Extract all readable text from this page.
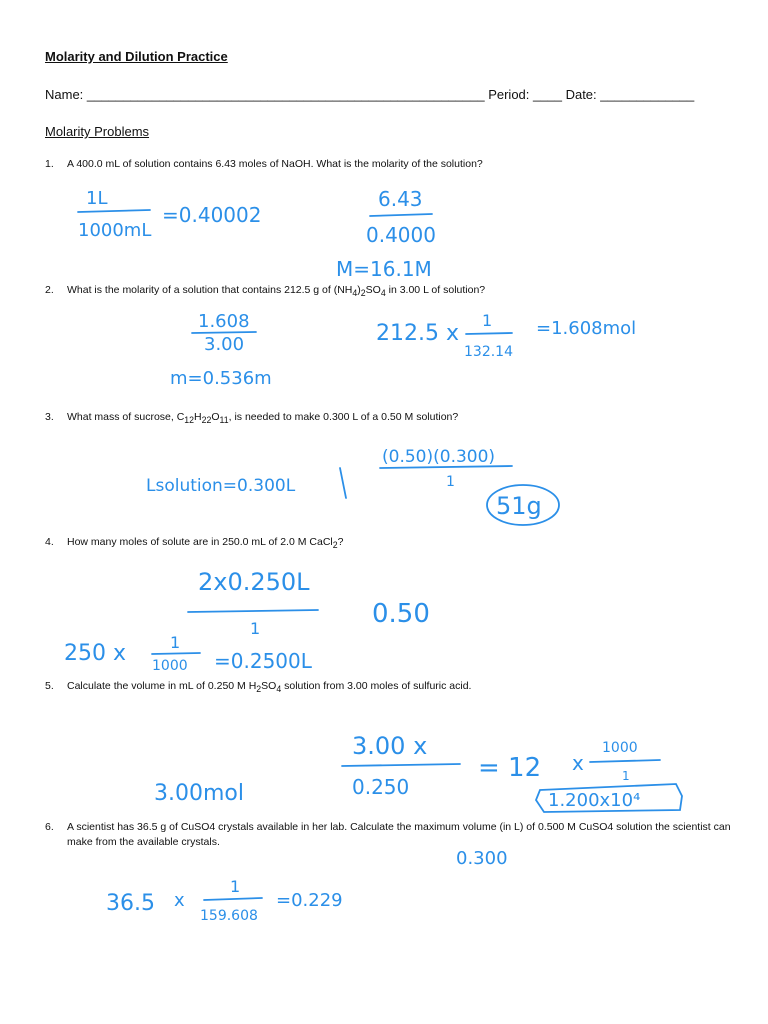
Molarity and Dilution Practice
Name: _______________________________________________________ Period: ____ Date: _____________
Molarity Problems
1. A 400.0 mL of solution contains 6.43 moles of NaOH. What is the molarity of the solution?
2. What is the molarity of a solution that contains 212.5 g of $(NH_4)_2SO_4$ in 3.00 L of solution?
3. What mass of sucrose, $C_{12}H_{22}O_{11}$, is needed to make 0.300 L of a 0.50 M solution?
4. How many moles of solute are in 250.0 mL of 2.0 M CaCl$_2$?
5. Calculate the volume in mL of 0.250 M $H_2SO_4$ solution from 3.00 moles of sulfuric acid.
6. A scientist has 36.5 g of CuSO4 crystals available in her lab. Calculate the maximum volume (in L) of 0.500 M CuSO4 solution the scientist can make from the available crystals.
1L
1000mL
=0.40002
6.43
0.4000
M=16.1M
1.608
3.00	212.5 x
1
132.14
=1.608mol
m=0.536m
Lsolution=0.300L
(0.50)(0.300)
1
51g
2x0.250L
1	0.50
250 x	1
1000 =0.2500L
3.00 x
0.250
3.00mol
= 12 x
1000
1
1.200x10⁴
0.300
36.5 x
1
159.608
=0.229
